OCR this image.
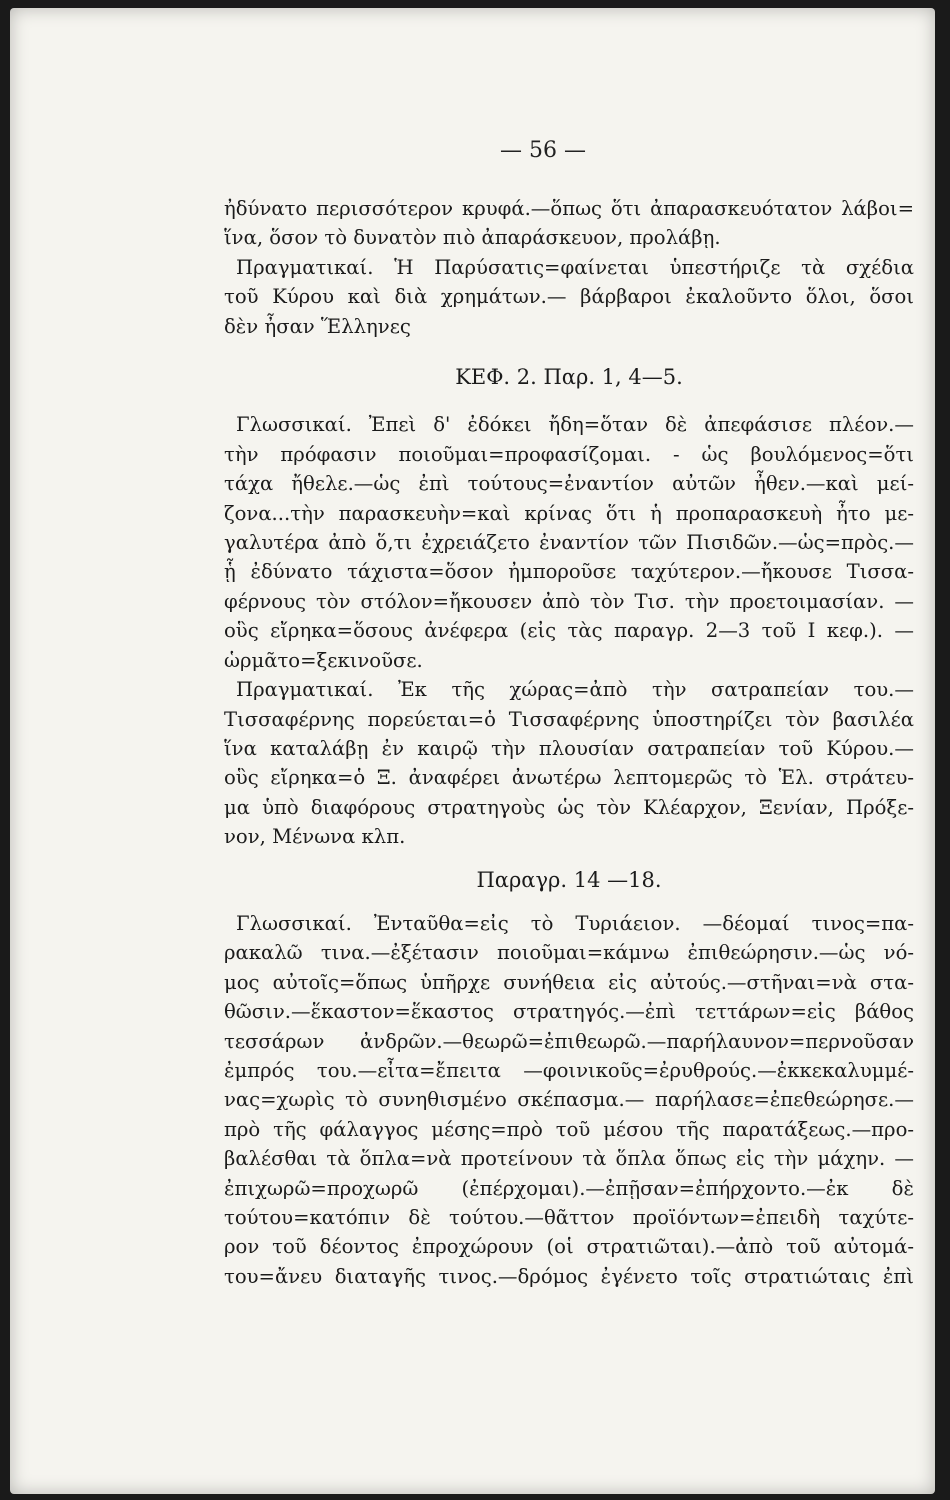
— 56 —
ἠδύνατο περισσότερον κρυφά.—ὅπως ὅτι ἀπαρασκευότατον λάβοι=
ἵνα, ὅσον τὸ δυνατὸν πιὸ ἀπαράσκευον, προλάβῃ.
Πραγματικαί. Ἡ Παρύσατις=φαίνεται ὑπεστήριζε τὰ σχέδια
τοῦ Κύρου καὶ διὰ χρημάτων.— βάρβαροι ἐκαλοῦντο ὅλοι, ὅσοι
δὲν ἦσαν Ἕλληνες
ΚΕΦ. 2. Παρ. 1, 4—5.
Γλωσσικαί. Ἐπεὶ δ' ἐδόκει ἤδη=ὅταν δὲ ἀπεφάσισε πλέον.—
τὴν πρόφασιν ποιοῦμαι=προφασίζομαι. - ὡς βουλόμενος=ὅτι
τάχα ἤθελε.—ὡς ἐπὶ τούτους=ἐναντίον αὐτῶν ἦθεν.—καὶ μεί-
ζονα...τὴν παρασκευὴν=καὶ κρίνας ὅτι ἡ προπαρασκευὴ ἦτο με-
γαλυτέρα ἀπὸ ὅ,τι ἐχρειάζετο ἐναντίον τῶν Πισιδῶν.—ὡς=πρὸς.—
ᾗ ἐδύνατο τάχιστα=ὅσον ἠμποροῦσε ταχύτερον.—ἤκουσε Τισσα-
φέρνους τὸν στόλον=ἤκουσεν ἀπὸ τὸν Τισ. τὴν προετοιμασίαν. —
οὓς εἴρηκα=ὅσους ἀνέφερα (εἰς τὰς παραγρ. 2—3 τοῦ Ι κεφ.). —
ὡρμᾶτο=ξεκινοῦσε.
Πραγματικαί. Ἐκ τῆς χώρας=ἀπὸ τὴν σατραπείαν του.—
Τισσαφέρνης πορεύεται=ὁ Τισσαφέρνης ὑποστηρίζει τὸν βασιλέα
ἵνα καταλάβῃ ἐν καιρῷ τὴν πλουσίαν σατραπείαν τοῦ Κύρου.—
οὓς εἴρηκα=ὁ Ξ. ἀναφέρει ἀνωτέρω λεπτομερῶς τὸ Ἑλ. στράτευ-
μα ὑπὸ διαφόρους στρατηγοὺς ὡς τὸν Κλέαρχον, Ξενίαν, Πρόξε-
νον, Μένωνα κλπ.
Παραγρ. 14 —18.
Γλωσσικαί. Ἐνταῦθα=εἰς τὸ Τυριάειον. —δέομαί τινος=πα-
ρακαλῶ τινα.—ἐξέτασιν ποιοῦμαι=κάμνω ἐπιθεώρησιν.—ὡς νό-
μος αὐτοῖς=ὅπως ὑπῆρχε συνήθεια εἰς αὐτούς.—στῆναι=νὰ στα-
θῶσιν.—ἕκαστον=ἕκαστος στρατηγός.—ἐπὶ τεττάρων=εἰς βάθος
τεσσάρων ἀνδρῶν.—θεωρῶ=ἐπιθεωρῶ.—παρήλαυνον=περνοῦσαν
ἐμπρός του.—εἶτα=ἔπειτα —φοινικοῦς=ἐρυθρούς.—ἐκκεκαλυμμέ-
νας=χωρὶς τὸ συνηθισμένο σκέπασμα.— παρήλασε=ἐπεθεώρησε.—
πρὸ τῆς φάλαγγος μέσης=πρὸ τοῦ μέσου τῆς παρατάξεως.—προ-
βαλέσθαι τὰ ὅπλα=νὰ προτείνουν τὰ ὅπλα ὅπως εἰς τὴν μάχην. —
ἐπιχωρῶ=προχωρῶ (ἐπέρχομαι).—ἐπῇσαν=ἐπήρχοντο.—ἐκ δὲ
τούτου=κατόπιν δὲ τούτου.—θᾶττον προϊόντων=ἐπειδὴ ταχύτε-
ρον τοῦ δέοντος ἐπροχώρουν (οἱ στρατιῶται).—ἀπὸ τοῦ αὐτομά-
του=ἄνευ διαταγῆς τινος.—δρόμος ἐγένετο τοῖς στρατιώταις ἐπὶ
